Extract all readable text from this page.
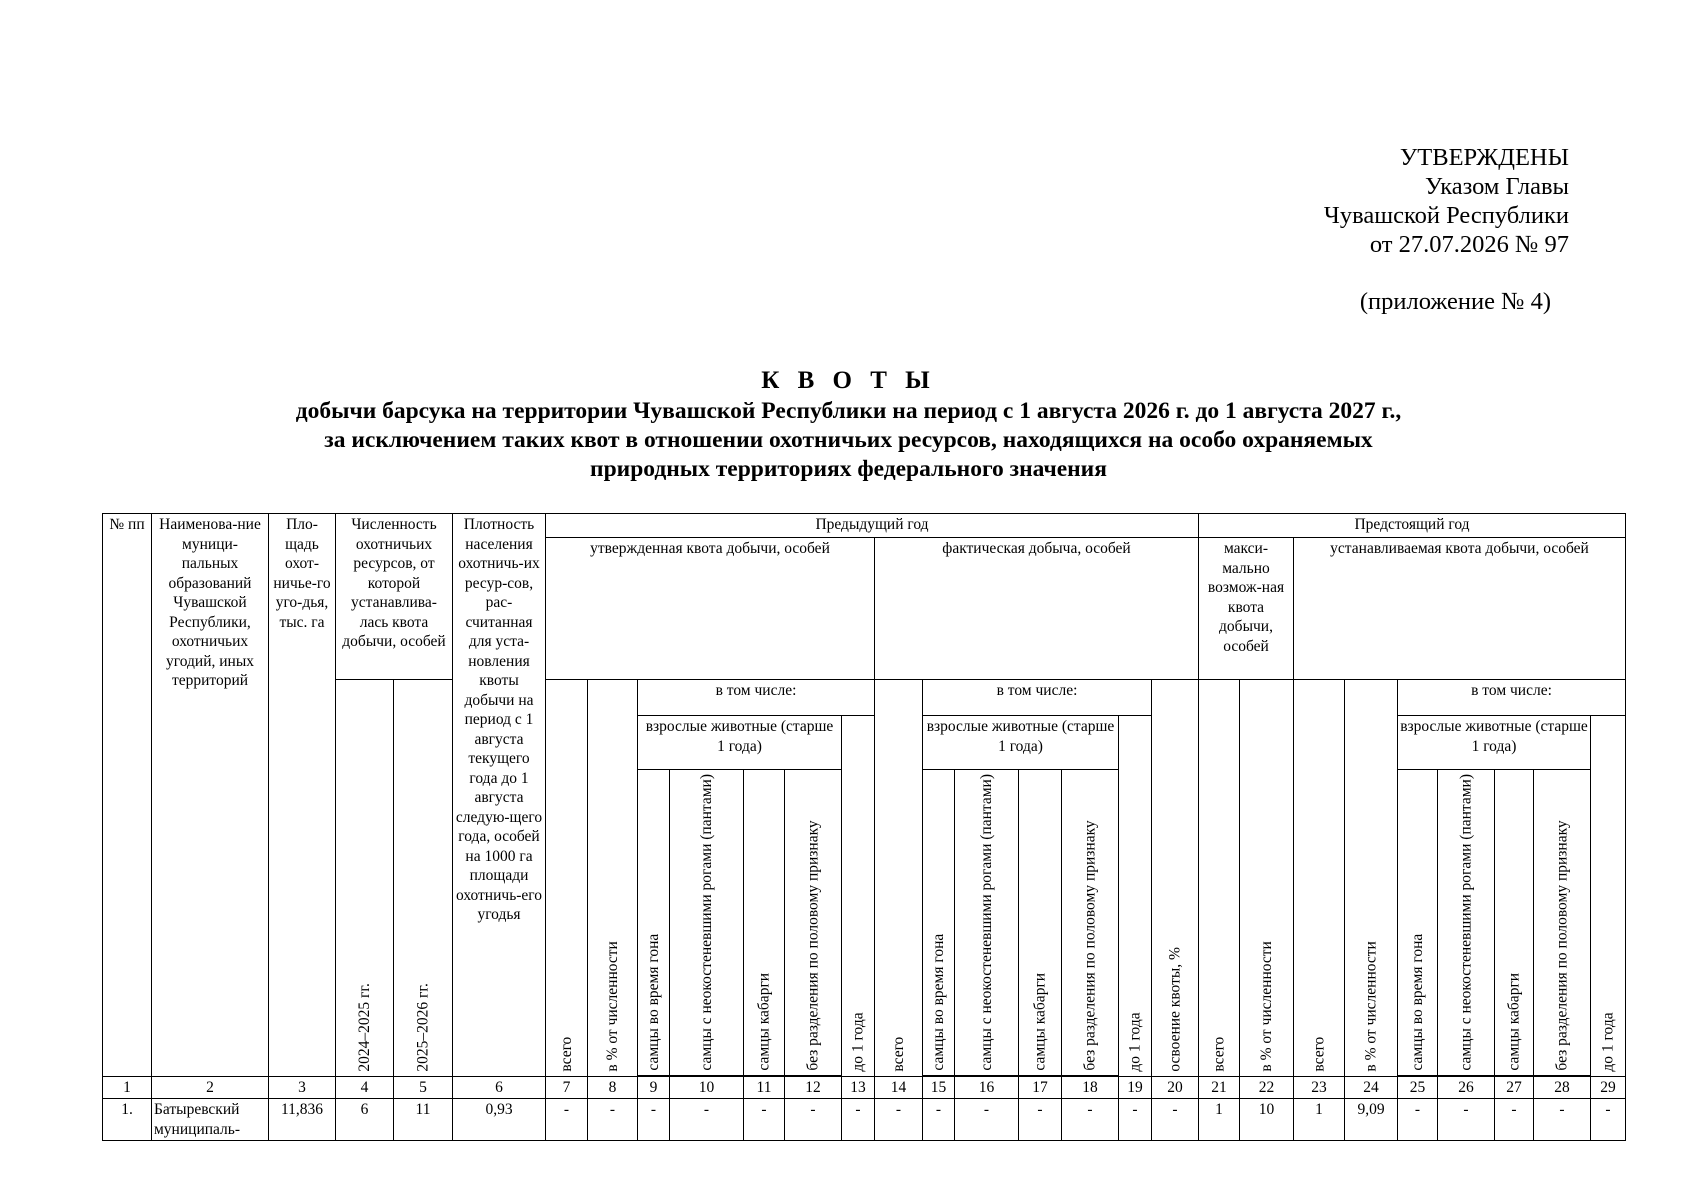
УТВЕРЖДЕНЫ
Указом Главы
Чувашской Республики
от 27.07.2026 № 97
(приложение № 4)
К В О Т Ы
добычи барсука на территории Чувашской Республики на период с 1 августа 2026 г. до 1 августа 2027 г.,
за исключением таких квот в отношении охотничьих ресурсов, находящихся на особо охраняемых
природных территориях федерального значения
№ пп	Наименова-ние муници-пальных образований Чувашской Республики, охотничьих угодий, иных территорий	Пло-щадь охот-ничье-го уго-дья, тыс. га	Численность охотничьих ресурсов, от которой устанавлива-лась квота добычи, особей		Плотность населения охотничь-их ресур-сов, рас-считанная для уста-новления квоты добычи на период с 1 августа текущего года до 1 августа следую-щего года, особей на 1000 га площади охотничь-его угодья	Предыдущий год														Предстоящий год								
						утвержденная квота добычи, особей							фактическая добыча, особей							макси-мально возмож-ная квота добычи, особей		устанавливаемая квота добычи, особей						

			2024–2025 гг.	2025–2026 гг.		всего	в % от численности	в том числе:					всего	в том числе:					освоение квоты, %	всего	в % от численности	всего	в % от численности	в том числе:				
								взрослые животные (старше 1 года)				до 1 года		взрослые животные (старше 1 года)				до 1 года						взрослые животные (старше 1 года)				до 1 года
								самцы во время гона	самцы с неокостеневшими рогами (пантами)	самцы кабарги	без разделения по половому признаку			самцы во время гона	самцы с неокостеневшими рогами (пантами)	самцы кабарги	без разделения по половому признаку							самцы во время гона	самцы с неокостеневшими рогами (пантами)	самцы кабарги	без разделения по половому признаку	

1	2	3	4	5	6	7	8	9	10	11	12	13	14	15	16	17	18	19	20	21	22	23	24	25	26	27	28	29
1.	Батыревский муниципаль-	11,836	6	11	0,93	-	-	-	-	-	-	-	-	-	-	-	-	-	-	1	10	1	9,09	-	-	-	-	-
